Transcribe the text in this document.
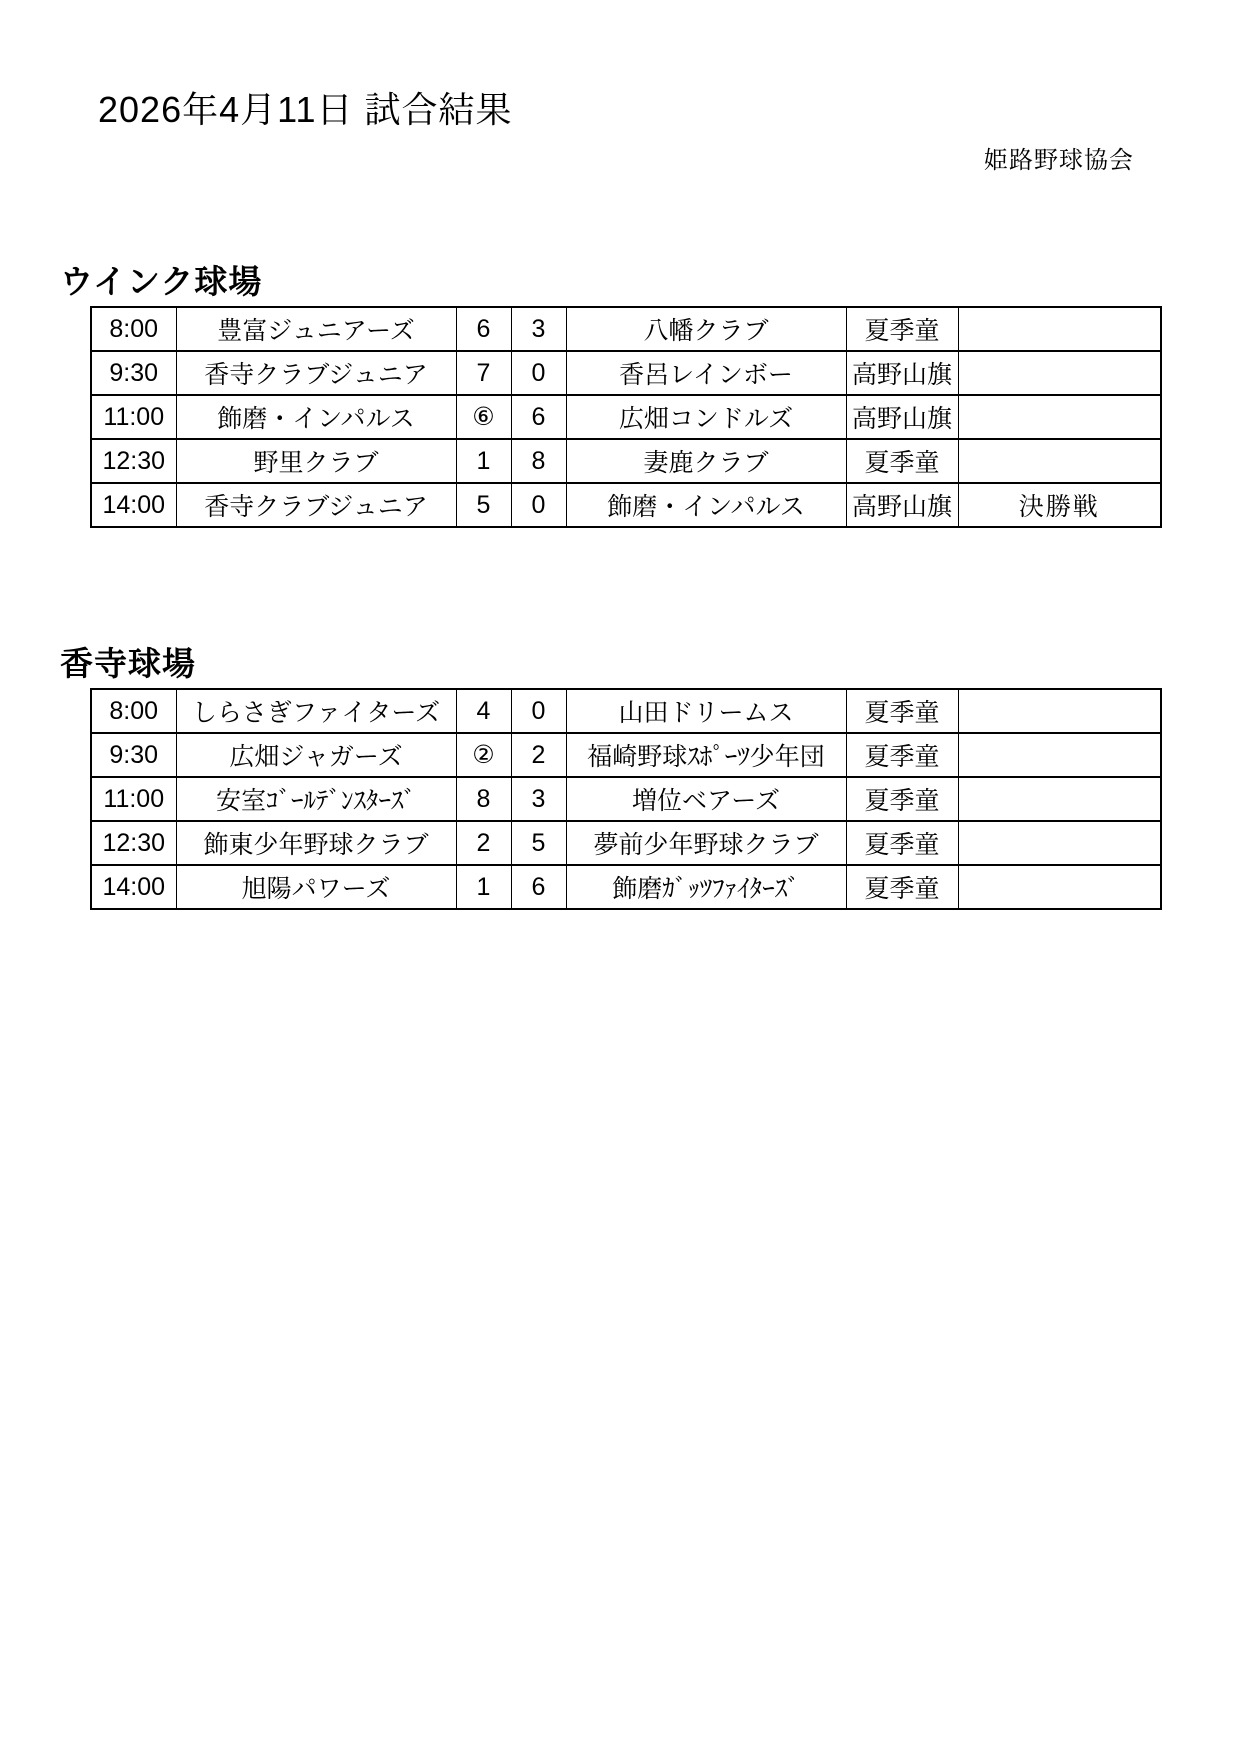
2026年4月11日 試合結果
姫路野球協会
ウインク球場
8:00	豊富ジュニアーズ	6	3	八幡クラブ	夏季童	
9:30	香寺クラブジュニア	7	0	香呂レインボー	高野山旗	
11:00	飾磨・インパルス	⑥	6	広畑コンドルズ	高野山旗	
12:30	野里クラブ	1	8	妻鹿クラブ	夏季童	
14:00	香寺クラブジュニア	5	0	飾磨・インパルス	高野山旗	決勝戦
香寺球場
8:00	しらさぎファイターズ	4	0	山田ドリームス	夏季童	
9:30	広畑ジャガーズ	②	2	福崎野球ｽﾎﾟｰﾂ少年団	夏季童	
11:00	安室ｺﾞｰﾙﾃﾞﾝｽﾀｰｽﾞ	8	3	増位ベアーズ	夏季童	
12:30	飾東少年野球クラブ	2	5	夢前少年野球クラブ	夏季童	
14:00	旭陽パワーズ	1	6	飾磨ｶﾞｯﾂﾌｧｲﾀｰｽﾞ	夏季童	
